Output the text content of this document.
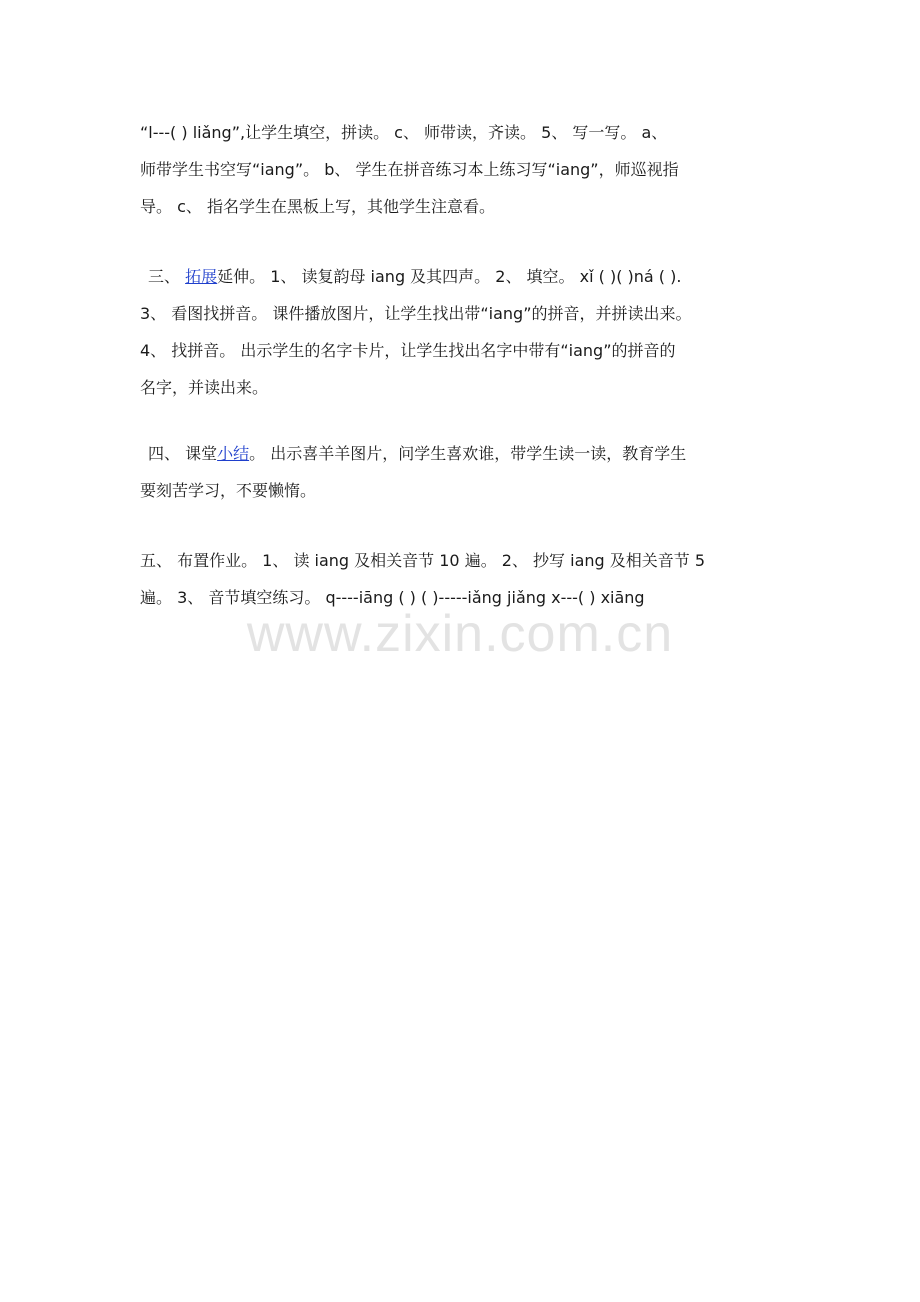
“l---( ) liǎng”,让学生填空，拼读。 c、 师带读，齐读。 5、 写一写。 a、
师带学生书空写“iang”。 b、 学生在拼音练习本上练习写“iang”，师巡视指
导。 c、 指名学生在黑板上写，其他学生注意看。

三、 拓展延伸。 1、 读复韵母 iang 及其四声。 2、 填空。 xǐ ( )( )ná ( ).
3、 看图找拼音。 课件播放图片，让学生找出带“iang”的拼音，并拼读出来。
4、 找拼音。 出示学生的名字卡片，让学生找出名字中带有“iang”的拼音的
名字，并读出来。

四、 课堂小结。 出示喜羊羊图片，问学生喜欢谁，带学生读一读，教育学生
要刻苦学习，不要懒惰。

五、 布置作业。 1、 读 iang 及相关音节 10 遍。 2、 抄写 iang 及相关音节 5
遍。 3、 音节填空练习。 q----iāng ( ) ( )-----iǎng jiǎng x---( ) xiāng

www.zixin.com.cn
